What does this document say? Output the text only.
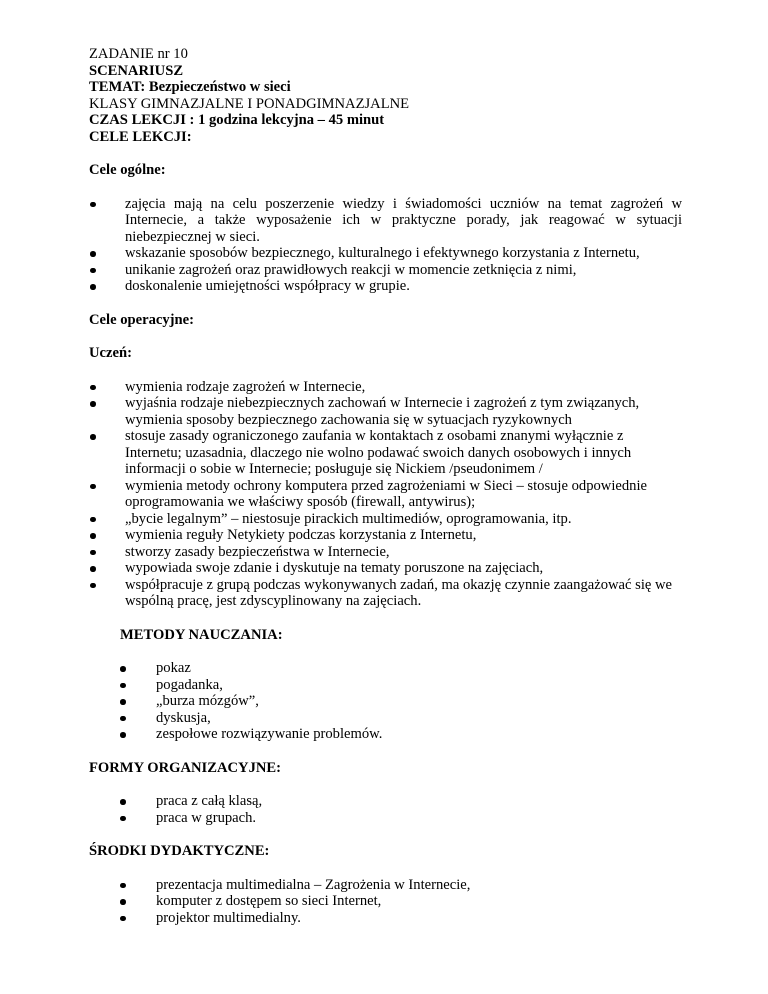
ZADANIE nr 10
SCENARIUSZ
TEMAT: Bezpieczeństwo w sieci
KLASY GIMNAZJALNE I PONADGIMNAZJALNE
CZAS LEKCJI : 1 godzina lekcyjna – 45 minut
CELE LEKCJI:
Cele ogólne:
zajęcia mają na celu poszerzenie wiedzy i świadomości uczniów na temat zagrożeń w Internecie, a także wyposażenie ich w praktyczne porady, jak reagować w sytuacji niebezpiecznej w sieci.
wskazanie sposobów bezpiecznego, kulturalnego i efektywnego korzystania z Internetu,
unikanie zagrożeń oraz prawidłowych reakcji w momencie zetknięcia z nimi,
doskonalenie umiejętności współpracy w grupie.
Cele operacyjne:
Uczeń:
wymienia rodzaje zagrożeń w Internecie,
wyjaśnia rodzaje niebezpiecznych zachowań w Internecie i zagrożeń z tym związanych, wymienia sposoby bezpiecznego zachowania się w sytuacjach ryzykownych
stosuje zasady ograniczonego zaufania w kontaktach z osobami znanymi wyłącznie z Internetu; uzasadnia, dlaczego nie wolno podawać swoich danych osobowych i innych informacji o sobie w Internecie; posługuje się Nickiem /pseudonimem /
wymienia metody ochrony komputera przed zagrożeniami w Sieci – stosuje odpowiednie oprogramowania we właściwy sposób (firewall, antywirus);
„bycie legalnym” – niestosuje pirackich multimediów, oprogramowania, itp.
wymienia reguły Netykiety podczas korzystania z Internetu,
stworzy zasady bezpieczeństwa w Internecie,
wypowiada swoje zdanie i dyskutuje na tematy poruszone na zajęciach,
współpracuje z grupą podczas wykonywanych zadań, ma okazję czynnie zaangażować się we wspólną pracę, jest zdyscyplinowany na zajęciach.
METODY NAUCZANIA:
pokaz
pogadanka,
„burza mózgów”,
dyskusja,
zespołowe rozwiązywanie problemów.
FORMY ORGANIZACYJNE:
praca z całą klasą,
praca w grupach.
ŚRODKI DYDAKTYCZNE:
prezentacja multimedialna – Zagrożenia w Internecie,
komputer z dostępem so sieci Internet,
projektor multimedialny.
